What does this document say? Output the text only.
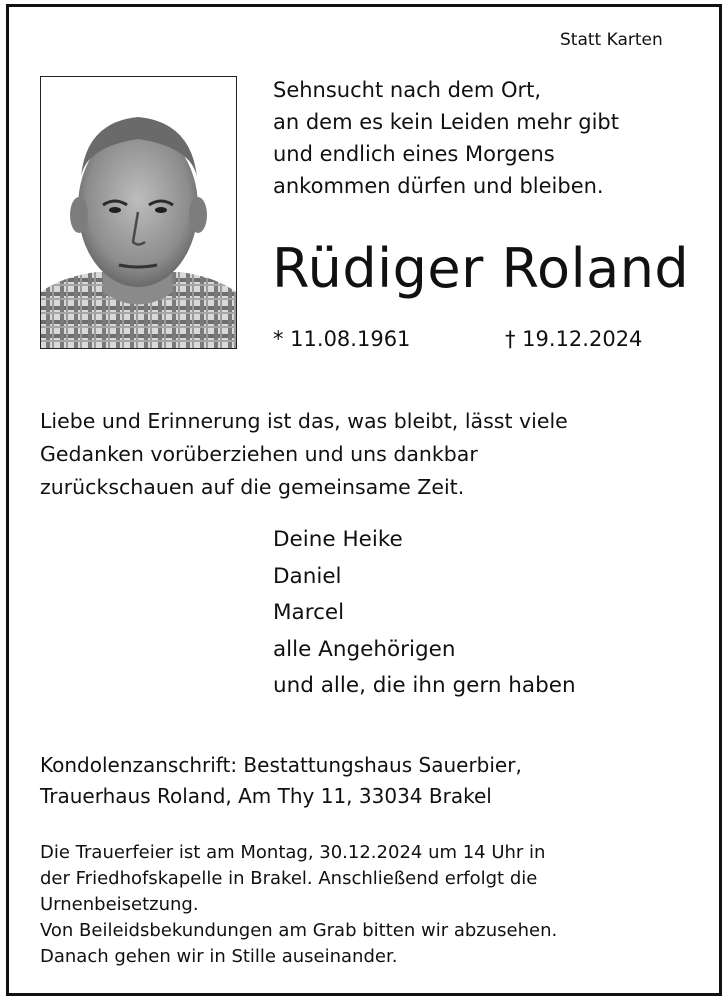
Statt Karten
Sehnsucht nach dem Ort,
an dem es kein Leiden mehr gibt
und endlich eines Morgens
ankommen dürfen und bleiben.
Rüdiger Roland
* 11.08.1961	† 19.12.2024
Liebe und Erinnerung ist das, was bleibt, lässt viele
Gedanken vorüberziehen und uns dankbar
zurückschauen auf die gemeinsame Zeit.
Deine Heike
Daniel
Marcel
alle Angehörigen
und alle, die ihn gern haben
Kondolenzanschrift: Bestattungshaus Sauerbier,
Trauerhaus Roland, Am Thy 11, 33034 Brakel
Die Trauerfeier ist am Montag, 30.12.2024 um 14 Uhr in
der Friedhofskapelle in Brakel. Anschließend erfolgt die
Urnenbeisetzung.
Von Beileidsbekundungen am Grab bitten wir abzusehen.
Danach gehen wir in Stille auseinander.
